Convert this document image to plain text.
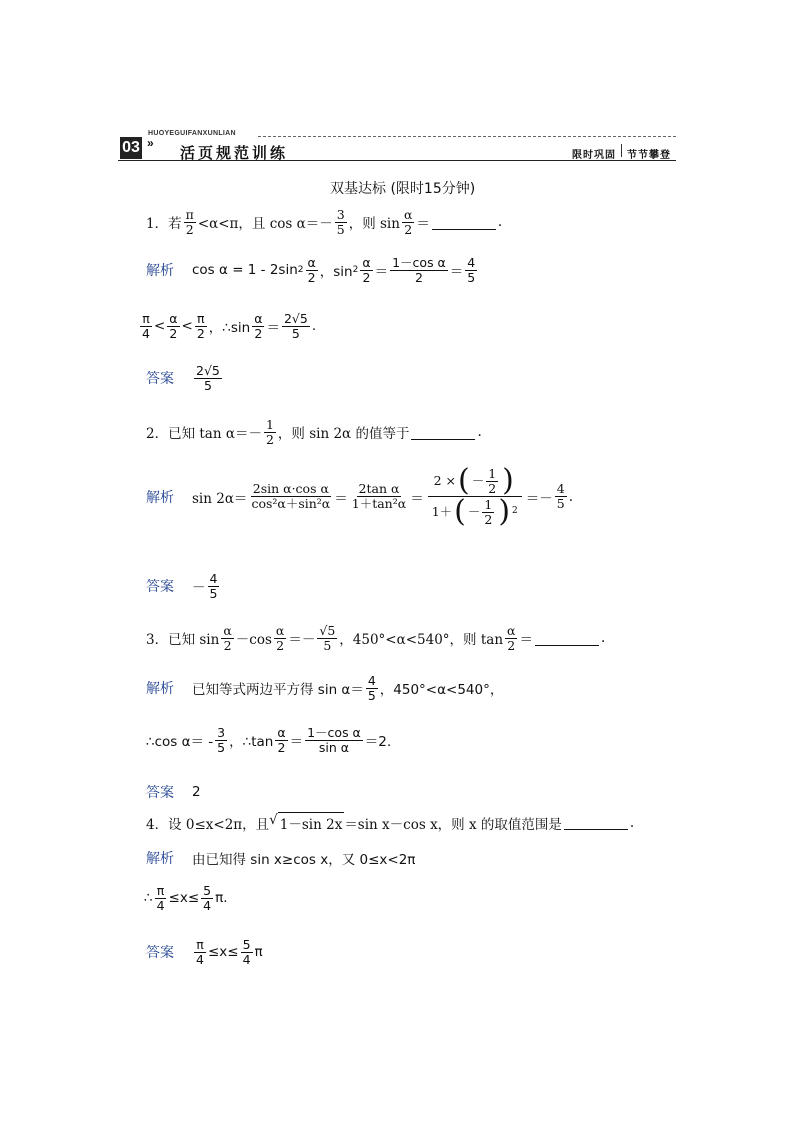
03
HUOYEGUIFANXUNLIAN
»
活页规范训练	限时巩固 节节攀登
双基达标 (限时15分钟)
1．若 $\frac{\pi}{2} <\alpha<\pi$，且 $\cos \alpha=- \frac{3}{5}$ ，则 $\sin \frac{\alpha}{2}$ ＝	.
解析 cos α = 1 - 2sin $2 \frac{\alpha}{2}$ ，$\sin 2 \frac{\alpha}{2} = \frac{\text{1－cos α}}{2} = \frac{4}{5}$
$\frac{\pi}{4} < \frac{\alpha}{2} < \frac{\pi}{2}$ ，∴sin $\frac{\alpha}{2} = \frac{2√5}{5}$ .
答案 $\frac{2√5}{5}$
2．已知 $\tan \alpha=- \frac{1}{2}$ ，则 sin 2α 的值等于	.
解析 $\sin 2\alpha= \frac{\text{2sin α·cos α}}{\text{cos²α＋sin²α}} = \frac{\text{2tan α}}{\text{1＋tan²α}} = \frac{2 \times ( - \frac{1}{2} )}{1+ ( - \frac{1}{2} ) 2} =- \frac{4}{5}$ .
答案 － $\frac{4}{5}$
3．已知 $\sin \frac{\alpha}{2} -\cos \frac{\alpha}{2} =- \frac{√5}{5}$ ，450°<α<540°，则 $\tan \frac{\alpha}{2}$ ＝	.
解析 已知等式两边平方得 $\sin \alpha= \frac{4}{5}$ ，450°<α<540°，
∴cos $\alpha= - \frac{3}{5}$ ，∴tan $\frac{\alpha}{2} = \frac{\text{1－cos α}}{\text{sin α}} =2$.
答案 2
4．设 0≤x<2π，且 √ 1－sin 2x ＝sin x－cos x，则 x 的取值范围是	.
解析 由已知得 sin x≥cos x，又 0≤x<2π
∴ $\frac{\pi}{4} \le x\le \frac{5}{4} \pi$.
答案 $\frac{\pi}{4} \le x\le \frac{5}{4}$ π
